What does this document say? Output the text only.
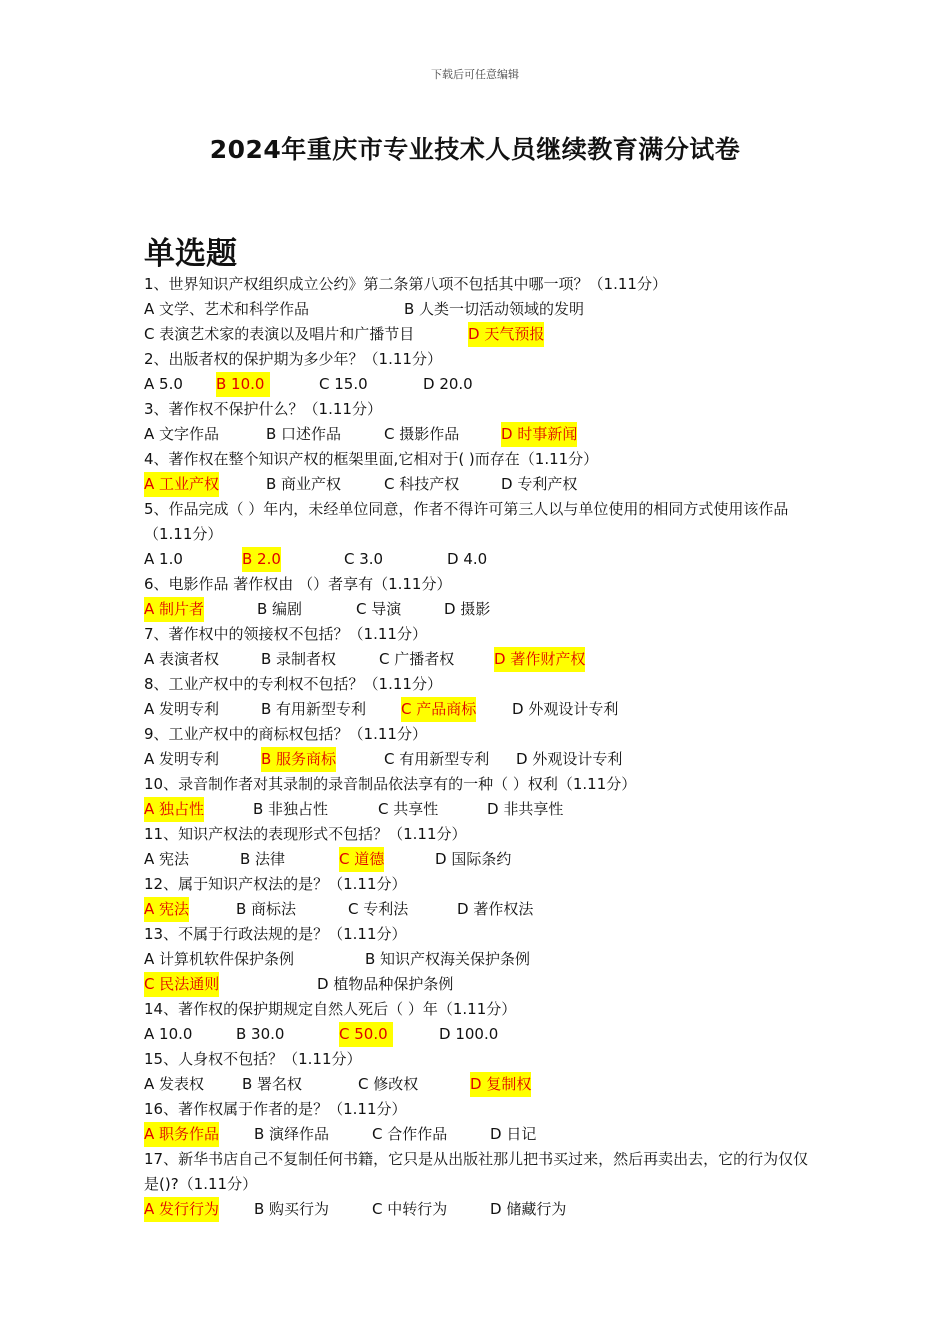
下载后可任意编辑
2024年重庆市专业技术人员继续教育满分试卷
单选题
1、世界知识产权组织成立公约》第二条第八项不包括其中哪一项？（1.11分）
A 文学、艺术和科学作品	B 人类一切活动领域的发明
C 表演艺术家的表演以及唱片和广播节目	D 天气预报
2、出版者权的保护期为多少年？（1.11分）
A 5.0 B 10.0	C 15.0	D 20.0
3、著作权不保护什么？（1.11分）
A 文字作品	B 口述作品	C 摄影作品	D 时事新闻
4、著作权在整个知识产权的框架里面,它相对于( )而存在（1.11分）
A 工业产权	B 商业产权	C 科技产权	D 专利产权
5、作品完成（ ）年内，未经单位同意，作者不得许可第三人以与单位使用的相同方式使用该作品（1.11分）
A 1.0	B 2.0	C 3.0	D 4.0
6、电影作品 著作权由 （）者享有（1.11分）
A 制片者	B 编剧	C 导演	D 摄影
7、著作权中的领接权不包括？（1.11分）
A 表演者权	B 录制者权	C 广播者权	D 著作财产权
8、工业产权中的专利权不包括？（1.11分）
A 发明专利	B 有用新型专利 C 产品商标 D 外观设计专利
9、工业产权中的商标权包括？（1.11分）
A 发明专利	B 服务商标	C 有用新型专利 D 外观设计专利
10、录音制作者对其录制的录音制品依法享有的一种（ ）权利（1.11分）
A 独占性	B 非独占性	C 共享性	D 非共享性
11、知识产权法的表现形式不包括？（1.11分）
A 宪法	B 法律	C 道德	D 国际条约
12、属于知识产权法的是？（1.11分）
A 宪法	B 商标法	C 专利法	D 著作权法
13、不属于行政法规的是？（1.11分）
A 计算机软件保护条例	B 知识产权海关保护条例
C 民法通则	D 植物品种保护条例
14、著作权的保护期规定自然人死后（ ）年（1.11分）
A 10.0	B 30.0	C 50.0	D 100.0
15、人身权不包括？（1.11分）
A 发表权	B 署名权	C 修改权	D 复制权
16、著作权属于作者的是？（1.11分）
A 职务作品 B 演绎作品	C 合作作品	D 日记
17、新华书店自己不复制任何书籍，它只是从出版社那儿把书买过来，然后再卖出去，它的行为仅仅是()?（1.11分）
A 发行行为 B 购买行为	C 中转行为	D 储藏行为
